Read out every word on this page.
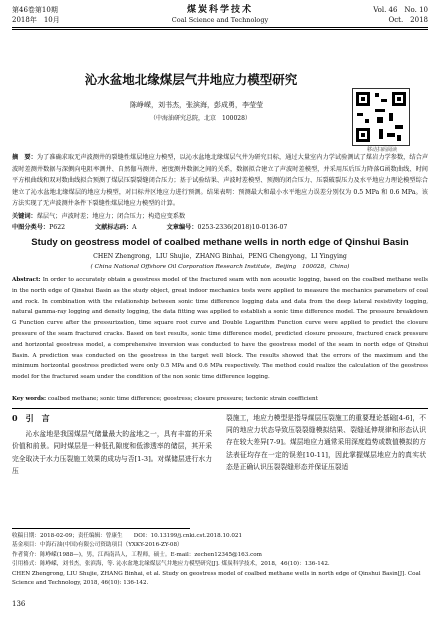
第46卷第10期
2018年　10月
煤炭科学技术
Coal Science and Technology
Vol. 46　No. 10
Oct.　2018
沁水盆地北缘煤层气井地应力模型研究
陈峥嵘，刘书杰，张滨海，彭成勇，李莹莹
（中海油研究总院，北京　100028）
移动扫码阅读
摘　要：为了准确求取无声波测井的裂缝性煤层地应力模型，以沁水盆地北缘煤层气井为研究目标，通过大量室内力学试验测试了煤岩力学参数，结合声波时差测井数据与深侧向电阻率测井、自然伽马测井、密度测井数据之间的关系，数据拟合建立了声波时差模型，并采用压后压力降落G函数曲线、时间平方根曲线和双对数曲线拟合预测了煤层压裂裂缝闭合压力；基于试验结果、声波时差模型、预测的闭合压力、压裂破裂压力及水平地应力理论模型综合建立了沁水盆地北缘煤层的地应力模型，对目标井区地应力进行预测。结果表明：预测最大和最小水平地应力误差分别仅为 0.5 MPa 和 0.6 MPa。该方法实现了无声波测井条件下裂缝性煤层地应力模型的计算。
关键词：煤层气；声波时差；地应力；闭合压力；构造应变系数
中图分类号：P622	文献标志码：A	文章编号：0253-2336(2018)10-0136-07
Study on geostress model of coalbed methane wells in north edge of Qinshui Basin
CHEN Zhengrong，LIU Shujie，ZHANG Binhai，PENG Chengyong，LI Yingying
( China National Offshore Oil Corporation Research Institute，Beijing　100028，China)
Abstract: In order to accurately obtain a geostress model of the fractured seam with non acoustic logging, based on the coalbed methane wells in the north edge of Qinshui Basin as the study object, great indoor mechanics tests were applied to measure the mechanics parameters of coal and rock. In combination with the relationship between sonic time difference logging data and data from the deep lateral resistivity logging, natural gamma-ray logging and density logging, the data fitting was applied to establish a sonic time difference model. The pressure breakdown G Function curve after the pressurization, time square root curve and Double Logarithm Function curve were applied to predict the closure pressure of the seam fractured cracks. Based on test results, sonic time difference model, predicted closure pressure, fractured crack pressure and horizontal geostress model, a comprehensive inversion was conducted to have the geostress model of the seam in north edge of Qinshui Basin. A prediction was conducted on the geostress in the target well block. The results showed that the errors of the maximum and the minimum horizontal geostress predicted were only 0.5 MPa and 0.6 MPa respectively. The method could realize the calculation of the geostress model for the fractured seam under the condition of the non sonic time difference logging.
Key words: coalbed methane; sonic time difference; geostress; closure pressure; tectonic strain coefficient
0　 引　言
沁水盆地是我国煤层气储量最大的盆地之一，具有丰富的开采价值和前景。同时煤层是一种低孔隙度和低渗透率的储层，其开采完全取决于水力压裂施工效果的成功与否[1-3]。对煤储层进行水力压
裂施工，地应力模型是指导煤层压裂施工的重要理论基础[4-6]，不同的地应力状态导致压裂裂缝模拟结果、裂缝延伸规律和形态认识存在较大差异[7-9]。煤层地应力通常采用深度趋势或数值模拟的方法表征均存在一定的误差[10-11]，因此掌握煤层地应力的真实状态是正确认识压裂裂缝形态并保证压裂适
收稿日期：2018-02-09；责任编辑：曾康生　　DOI：10.13199/j.cnki.cst.2018.10.021
基金项目：中海石油(中国)有限公司资助项目（YXKY-2016-ZY-08）
作者简介：陈峥嵘(1988—)，男，江西南昌人，工程师，硕士。E-mail：zechen12345@163.com
引用格式：陈峥嵘，刘书杰，张滨海，等. 沁水盆地北缘煤层气井地应力模型研究[J]. 煤炭科学技术，2018，46(10)：136-142.
CHEN Zhengrong, LIU Shujie, ZHANG Binhai, et al. Study on geostress model of coalbed methane wells in north edge of Qinshui Basin[J]. Coal Science and Technology, 2018, 46(10): 136-142.
136
